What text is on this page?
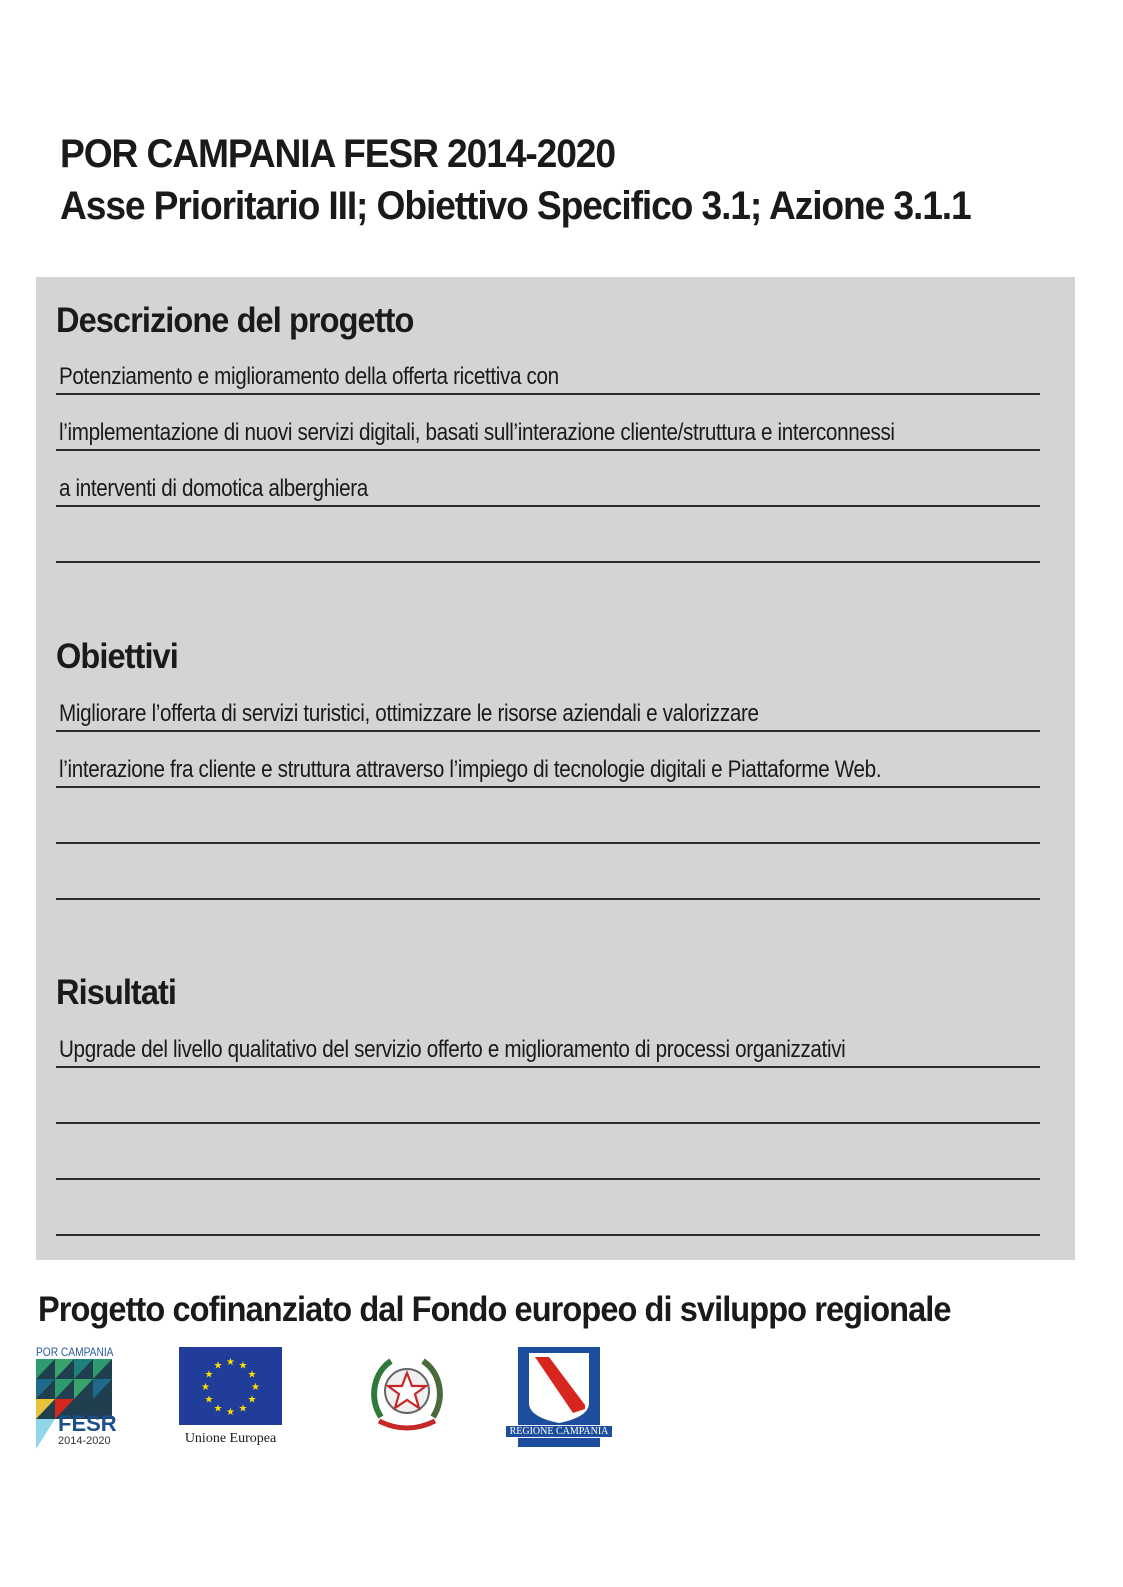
POR CAMPANIA FESR 2014-2020
Asse Prioritario III; Obiettivo Specifico 3.1; Azione 3.1.1
Descrizione del progetto
Potenziamento e miglioramento della offerta ricettiva con
l’implementazione di nuovi servizi digitali, basati sull’interazione cliente/struttura e interconnessi
a interventi di domotica alberghiera
Obiettivi
Migliorare l’offerta di servizi turistici, ottimizzare le risorse aziendali e valorizzare
l’interazione fra cliente e struttura attraverso l’impiego di tecnologie digitali e Piattaforme Web.
Risultati
Upgrade del livello qualitativo del servizio offerto e miglioramento di processi organizzativi
Progetto cofinanziato dal Fondo europeo di sviluppo regionale
POR CAMPANIA
FESR
2014-2020
★ ★
★
★
★
★
★
★
★
★
★
★
Unione Europea	REGIONE CAMPANIA
